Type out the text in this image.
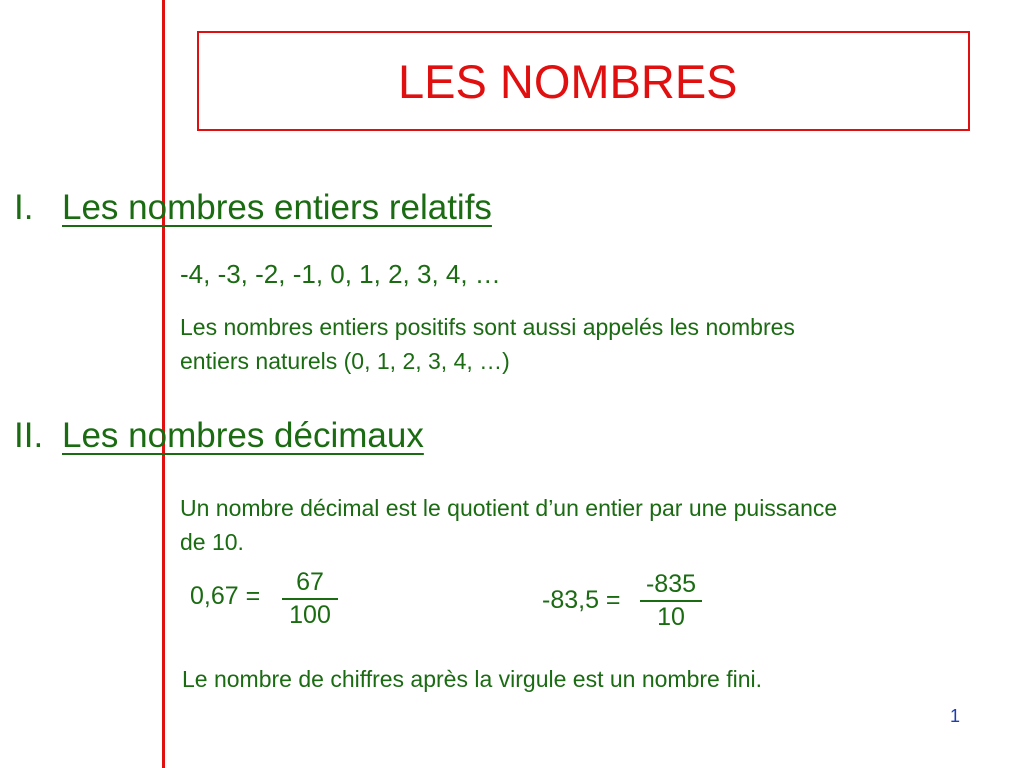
LES NOMBRES
I. Les nombres entiers relatifs
-4, -3, -2, -1, 0, 1, 2, 3, 4, …
Les nombres entiers positifs sont aussi appelés les nombres
entiers naturels (0, 1, 2, 3, 4, …)
II. Les nombres décimaux
Un nombre décimal est le quotient d’un entier par une puissance
de 10.
$0,67 = \frac{67}{100}$	$-83,5 = \frac{-835}{10}$
Le nombre de chiffres après la virgule est un nombre fini.
1
